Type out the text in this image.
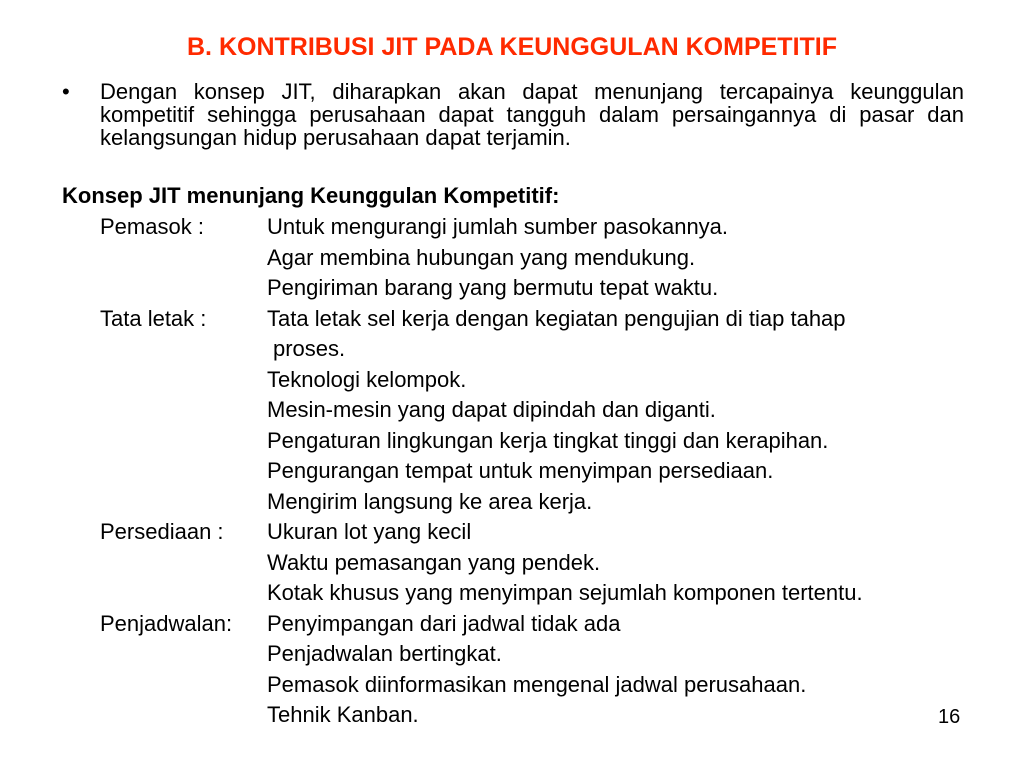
B. KONTRIBUSI JIT PADA KEUNGGULAN KOMPETITIF
• Dengan konsep JIT, diharapkan akan dapat menunjang tercapainya keunggulan kompetitif sehingga perusahaan dapat tangguh dalam persaingannya di pasar dan kelangsungan hidup perusahaan dapat terjamin.
Konsep JIT menunjang Keunggulan Kompetitif:
Pemasok :	Untuk mengurangi jumlah sumber pasokannya.
Agar membina hubungan yang mendukung.
Pengiriman barang yang bermutu tepat waktu.
Tata letak :	Tata letak sel kerja dengan kegiatan pengujian di tiap tahap
proses.
Teknologi kelompok.
Mesin-mesin yang dapat dipindah dan diganti.
Pengaturan lingkungan kerja tingkat tinggi dan kerapihan.
Pengurangan tempat untuk menyimpan persediaan.
Mengirim langsung ke area kerja.
Persediaan : Ukuran lot yang kecil
Waktu pemasangan yang pendek.
Kotak khusus yang menyimpan sejumlah komponen tertentu.
Penjadwalan: Penyimpangan dari jadwal tidak ada
Penjadwalan bertingkat.
Pemasok diinformasikan mengenal jadwal perusahaan.
Tehnik Kanban.	16
